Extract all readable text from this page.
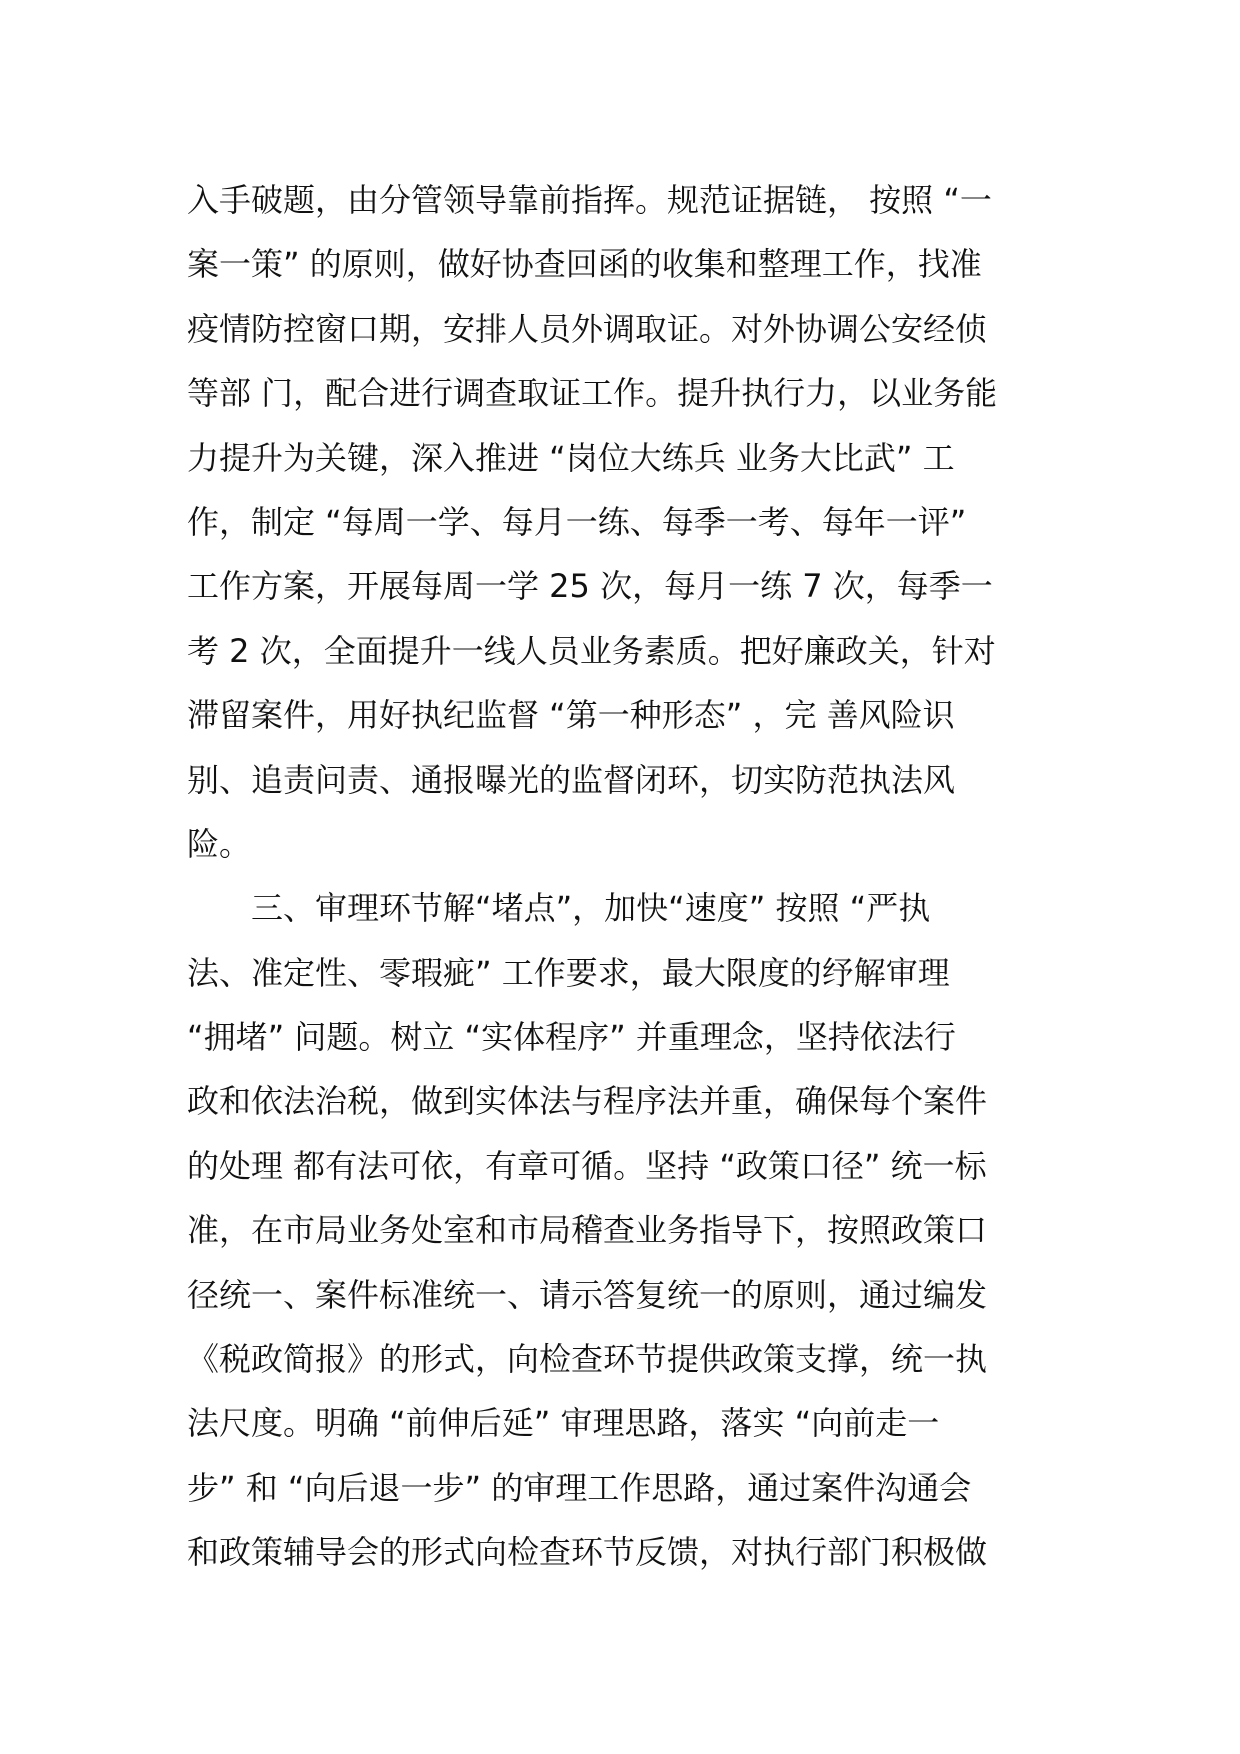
入手破题，由分管领导靠前指挥。规范证据链， 按照 “一
案一策” 的原则，做好协查回函的收集和整理工作，找准
疫情防控窗口期，安排人员外调取证。对外协调公安经侦
等部 门，配合进行调查取证工作。提升执行力，以业务能
力提升为关键，深入推进 “岗位大练兵 业务大比武” 工
作，制定 “每周一学、每月一练、每季一考、每年一评”
工作方案，开展每周一学 25 次，每月一练 7 次，每季一
考 2 次，全面提升一线人员业务素质。把好廉政关，针对
滞留案件，用好执纪监督 “第一种形态” ，完 善风险识
别、追责问责、通报曝光的监督闭环，切实防范执法风
险。
三、审理环节解“堵点”，加快“速度” 按照 “严执
法、准定性、零瑕疵” 工作要求，最大限度的纾解审理
“拥堵” 问题。树立 “实体程序” 并重理念，坚持依法行
政和依法治税，做到实体法与程序法并重，确保每个案件
的处理 都有法可依，有章可循。坚持 “政策口径” 统一标
准，在市局业务处室和市局稽查业务指导下，按照政策口
径统一、案件标准统一、请示答复统一的原则，通过编发
《税政简报》的形式，向检查环节提供政策支撑，统一执
法尺度。明确 “前伸后延” 审理思路，落实 “向前走一
步” 和 “向后退一步” 的审理工作思路，通过案件沟通会
和政策辅导会的形式向检查环节反馈，对执行部门积极做
